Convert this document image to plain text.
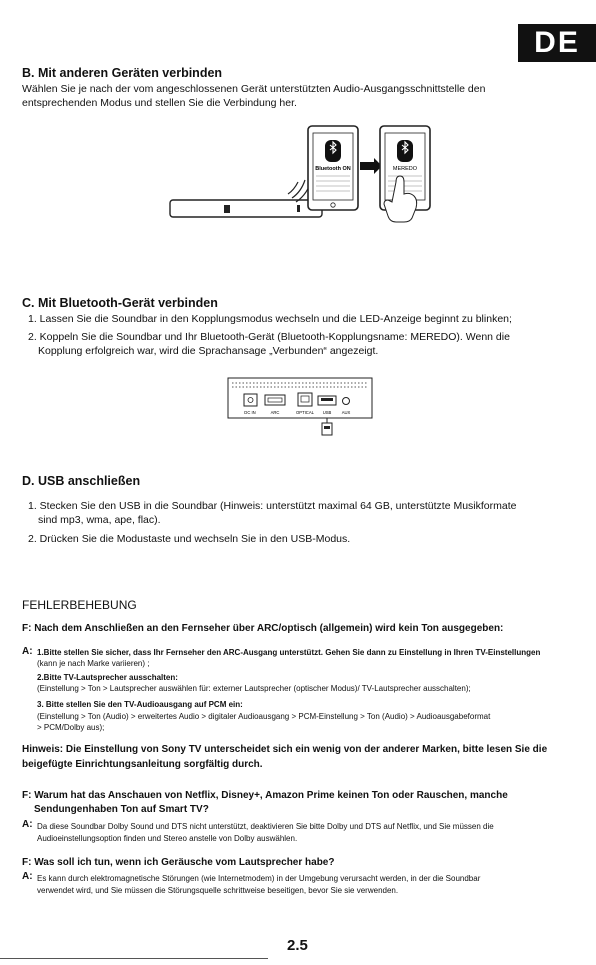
DE
B. Mit anderen Geräten verbinden
Wählen Sie je nach der vom angeschlossenen Gerät unterstützten Audio-Ausgangsschnittstelle den
entsprechenden Modus und stellen Sie die Verbindung her.
Bluetooth ON	MEREDO
C. Mit Bluetooth-Gerät verbinden
1. Lassen Sie die Soundbar in den Kopplungsmodus wechseln und die LED-Anzeige beginnt zu blinken;
2. Koppeln Sie die Soundbar und Ihr Bluetooth-Gerät (Bluetooth-Kopplungsname: MEREDO). Wenn die
Kopplung erfolgreich war, wird die Sprachansage „Verbunden“ angezeigt.
DC IN	ARC	OPTICAL USB AUX
D. USB anschließen
1. Stecken Sie den USB in die Soundbar (Hinweis: unterstützt maximal 64 GB, unterstützte Musikformate
sind mp3, wma, ape, flac).
2. Drücken Sie die Modustaste und wechseln Sie in den USB-Modus.
FEHLERBEHEBUNG
F: Nach dem Anschließen an den Fernseher über ARC/optisch (allgemein) wird kein Ton ausgegeben:
A: 1.Bitte stellen Sie sicher, dass Ihr Fernseher den ARC-Ausgang unterstützt. Gehen Sie dann zu Einstellung in Ihren TV-Einstellungen
(kann je nach Marke variieren) ;
2.Bitte TV-Lautsprecher ausschalten:
(Einstellung > Ton > Lautsprecher auswählen für: externer Lautsprecher (optischer Modus)/ TV-Lautsprecher ausschalten);
3. Bitte stellen Sie den TV-Audioausgang auf PCM ein:
(Einstellung > Ton (Audio) > erweitertes Audio > digitaler Audioausgang > PCM-Einstellung > Ton (Audio) > Audioausgabeformat
> PCM/Dolby aus);
Hinweis: Die Einstellung von Sony TV unterscheidet sich ein wenig von der anderer Marken, bitte lesen Sie die
beigefügte Einrichtungsanleitung sorgfältig durch.
F: Warum hat das Anschauen von Netflix, Disney+, Amazon Prime keinen Ton oder Rauschen, manche
Sendungenhaben Ton auf Smart TV?
A: Da diese Soundbar Dolby Sound und DTS nicht unterstützt, deaktivieren Sie bitte Dolby und DTS auf Netflix, und Sie müssen die
Audioeinstellungsoption finden und Stereo anstelle von Dolby auswählen.
F: Was soll ich tun, wenn ich Geräusche vom Lautsprecher habe?
A: Es kann durch elektromagnetische Störungen (wie Internetmodem) in der Umgebung verursacht werden, in der die Soundbar
verwendet wird, und Sie müssen die Störungsquelle schrittweise beseitigen, bevor Sie sie verwenden.
2.5
